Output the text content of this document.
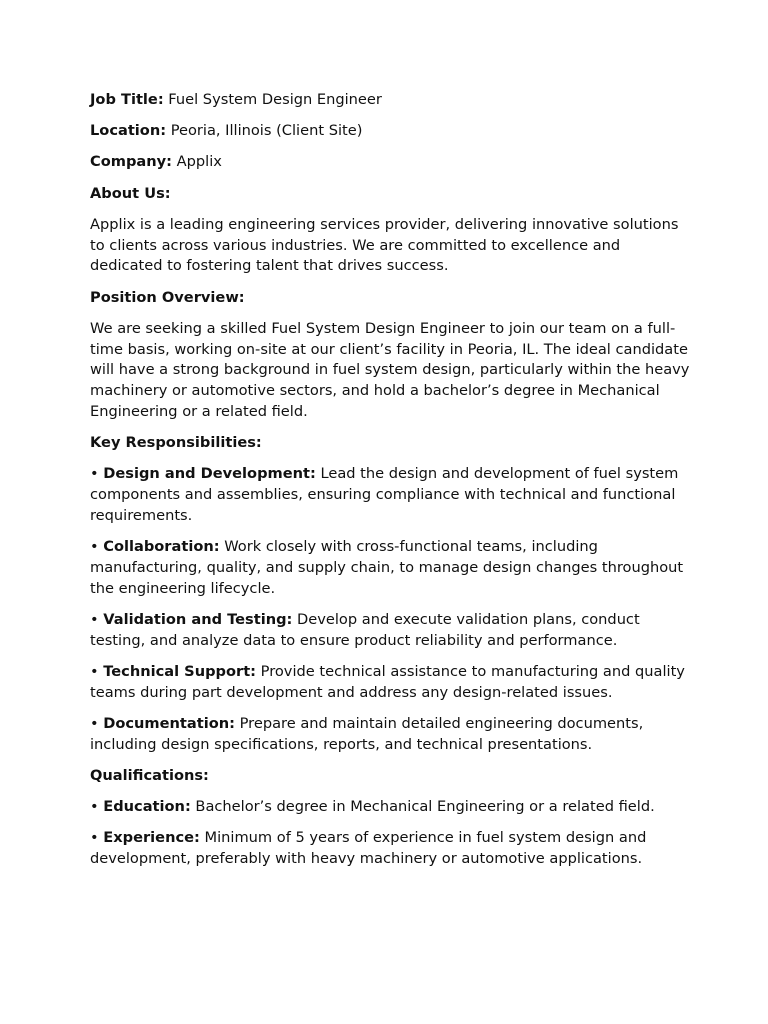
Job Title: Fuel System Design Engineer

Location: Peoria, Illinois (Client Site)

Company: Applix

About Us:

Applix is a leading engineering services provider, delivering innovative solutions to clients across various industries. We are committed to excellence and dedicated to fostering talent that drives success.

Position Overview:

We are seeking a skilled Fuel System Design Engineer to join our team on a full-time basis, working on-site at our client’s facility in Peoria, IL. The ideal candidate will have a strong background in fuel system design, particularly within the heavy machinery or automotive sectors, and hold a bachelor’s degree in Mechanical Engineering or a related field.

Key Responsibilities:

• Design and Development: Lead the design and development of fuel system components and assemblies, ensuring compliance with technical and functional requirements.

• Collaboration: Work closely with cross-functional teams, including manufacturing, quality, and supply chain, to manage design changes throughout the engineering lifecycle.

• Validation and Testing: Develop and execute validation plans, conduct testing, and analyze data to ensure product reliability and performance.

• Technical Support: Provide technical assistance to manufacturing and quality teams during part development and address any design-related issues.

• Documentation: Prepare and maintain detailed engineering documents, including design specifications, reports, and technical presentations.

Qualifications:

• Education: Bachelor’s degree in Mechanical Engineering or a related field.

• Experience: Minimum of 5 years of experience in fuel system design and development, preferably with heavy machinery or automotive applications.
